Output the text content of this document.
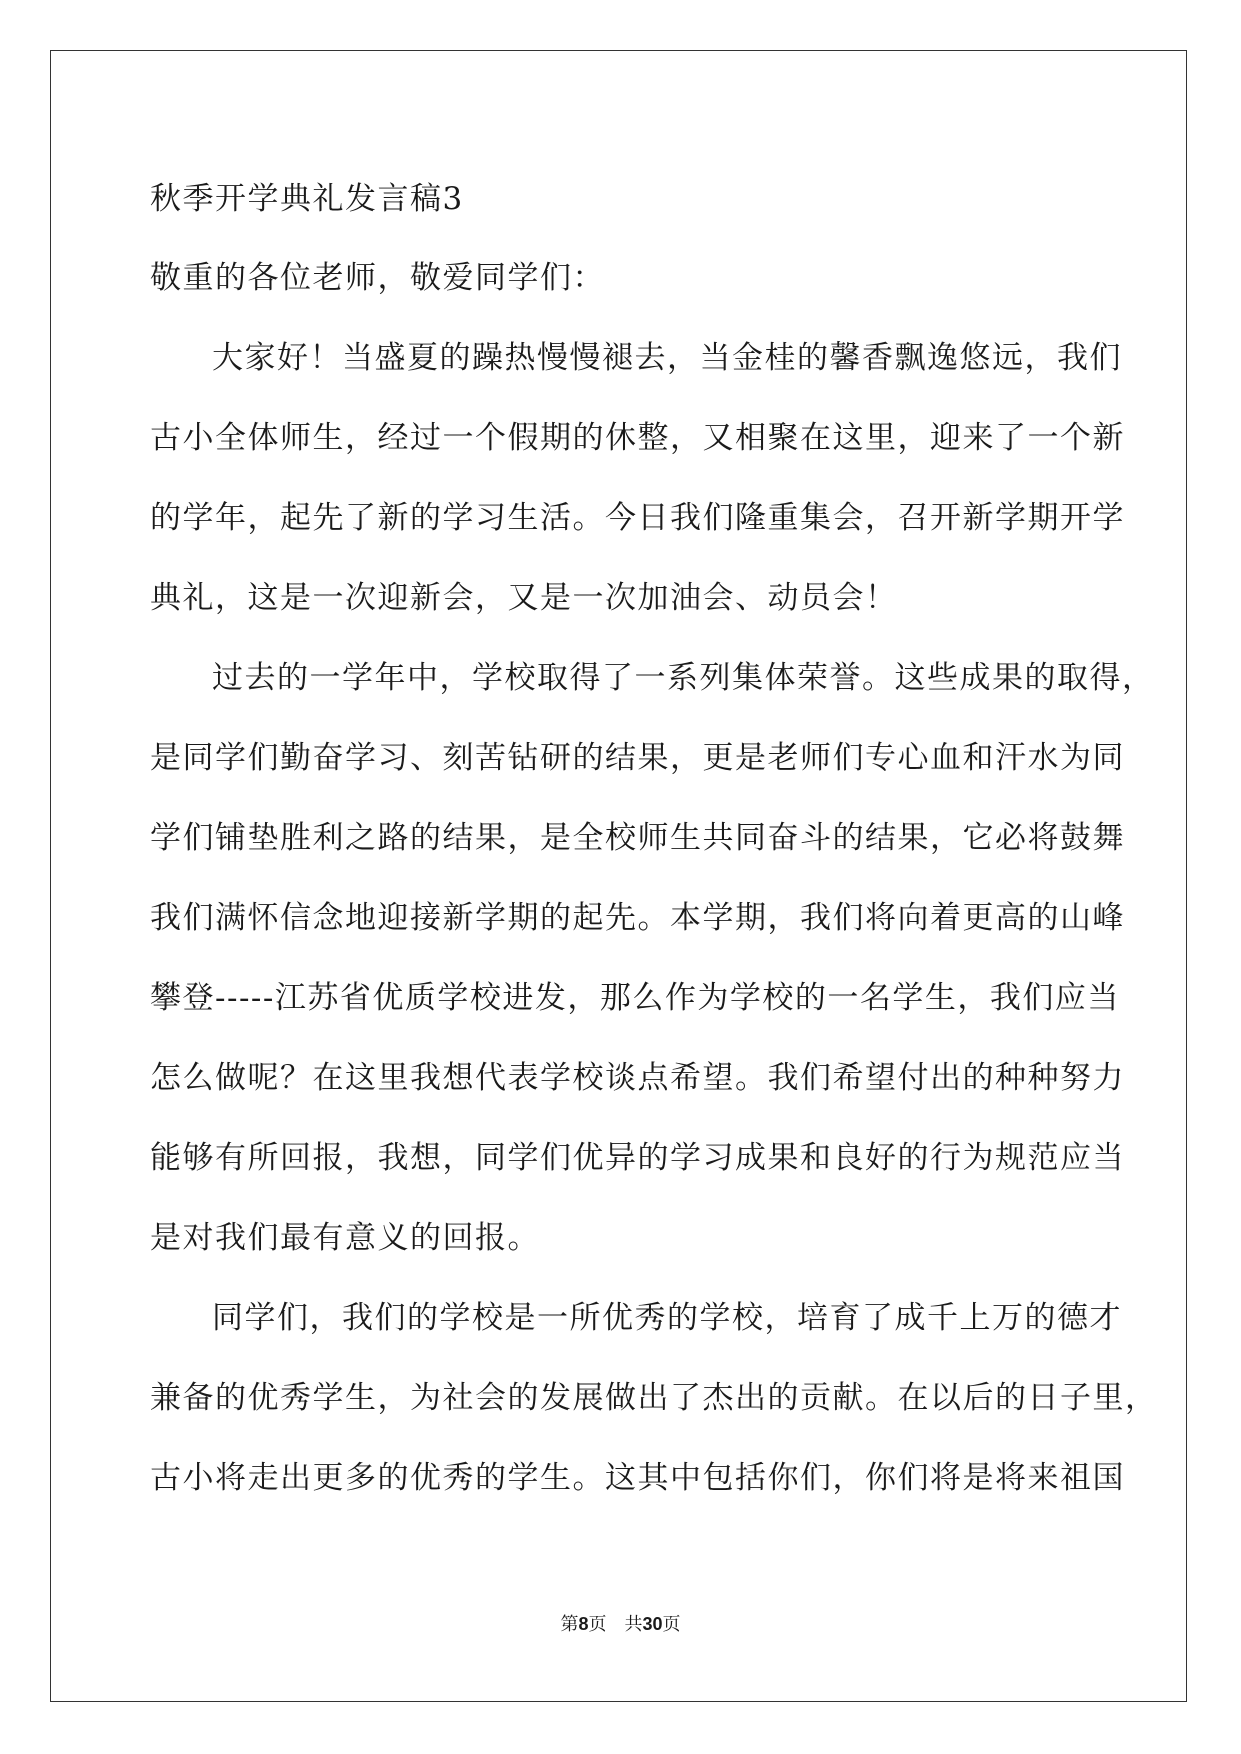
秋季开学典礼发言稿3
敬重的各位老师，敬爱同学们：
大家好！当盛夏的躁热慢慢褪去，当金桂的馨香飘逸悠远，我们
古小全体师生，经过一个假期的休整，又相聚在这里，迎来了一个新
的学年，起先了新的学习生活。今日我们隆重集会，召开新学期开学
典礼，这是一次迎新会，又是一次加油会、动员会！
过去的一学年中，学校取得了一系列集体荣誉。这些成果的取得，
是同学们勤奋学习、刻苦钻研的结果，更是老师们专心血和汗水为同
学们铺垫胜利之路的结果，是全校师生共同奋斗的结果，它必将鼓舞
我们满怀信念地迎接新学期的起先。本学期，我们将向着更高的山峰
攀登-----江苏省优质学校进发，那么作为学校的一名学生，我们应当
怎么做呢？在这里我想代表学校谈点希望。我们希望付出的种种努力
能够有所回报，我想，同学们优异的学习成果和良好的行为规范应当
是对我们最有意义的回报。
同学们，我们的学校是一所优秀的学校，培育了成千上万的德才
兼备的优秀学生，为社会的发展做出了杰出的贡献。在以后的日子里，
古小将走出更多的优秀的学生。这其中包括你们，你们将是将来祖国
第8页 共30页
